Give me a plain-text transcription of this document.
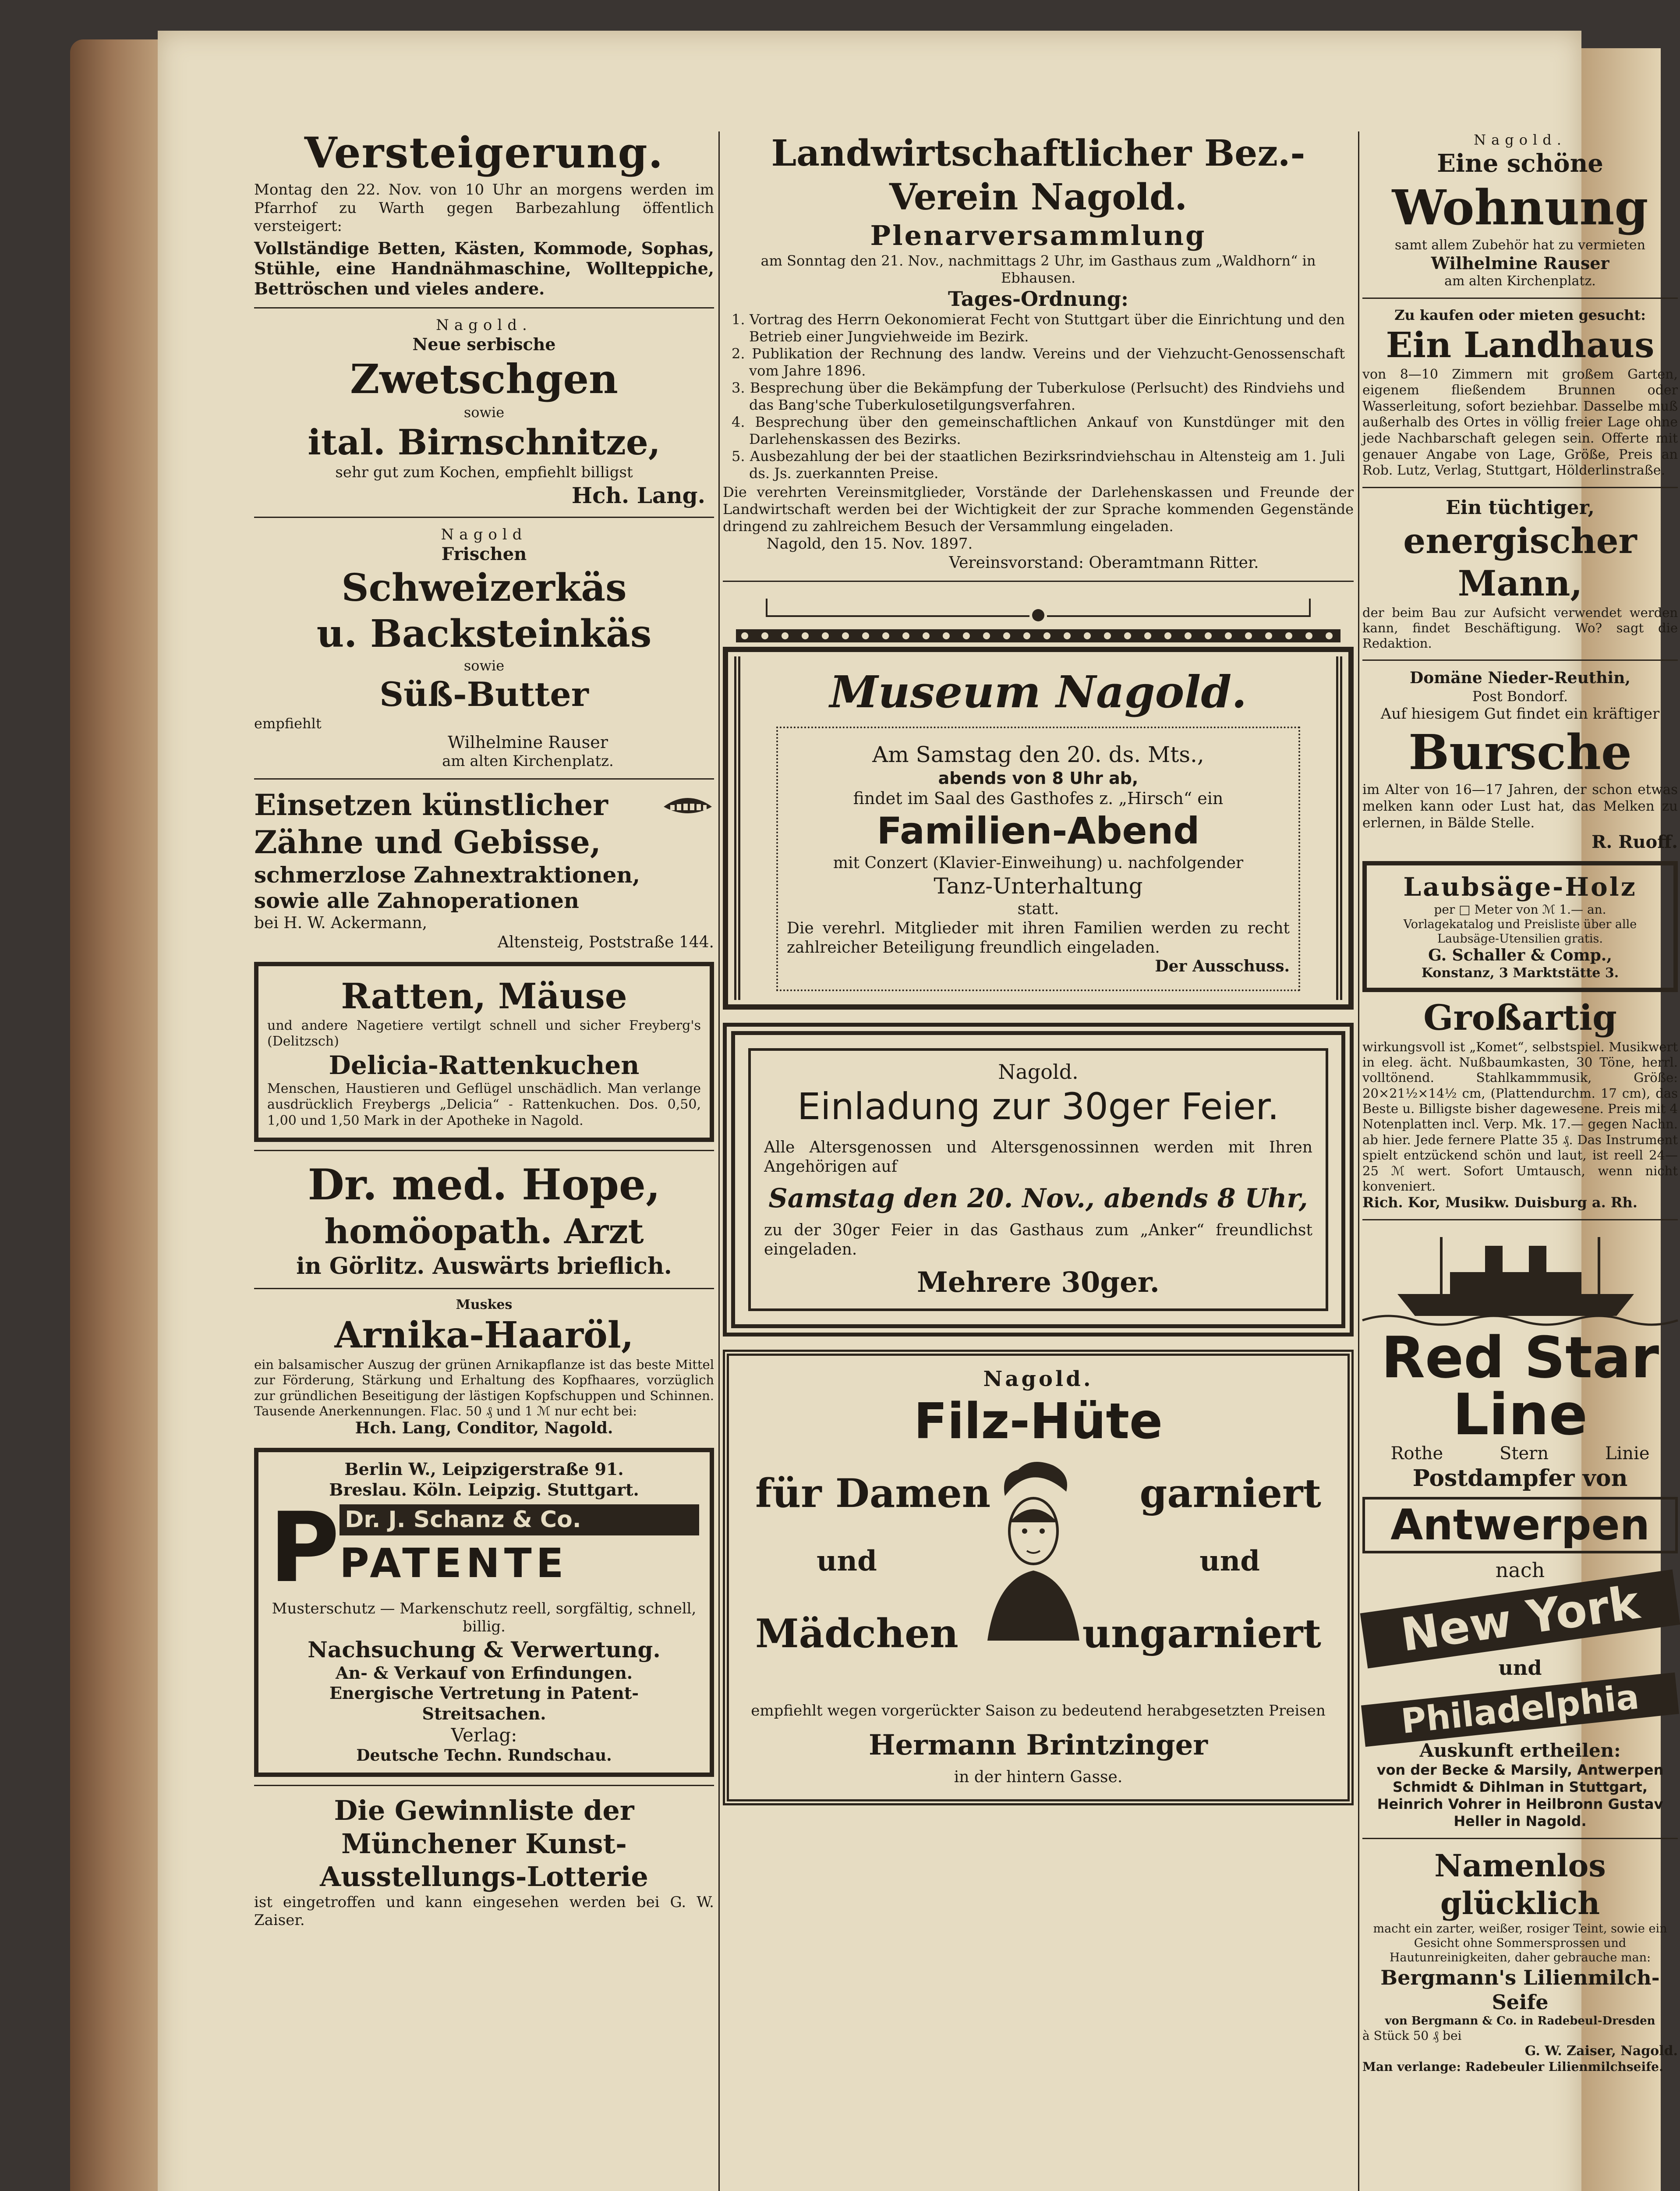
Versteigerung.
Montag den 22. Nov. von 10 Uhr an morgens werden im Pfarrhof zu Warth gegen Barbezahlung öffentlich versteigert:
Vollständige Betten, Kästen, Kommode, Sophas, Stühle, eine Handnähmaschine, Wollteppiche, Bettröschen und vieles andere.
Nagold.
Neue serbische
Zwetschgen
sowie
ital. Birnschnitze,
sehr gut zum Kochen, empfiehlt billigst
Hch. Lang.
Nagold
Frischen
Schweizerkäs
u. Backsteinkäs
sowie
Süß-Butter
empfiehlt
Wilhelmine Rauser
am alten Kirchenplatz.
Einsetzen künstlicher
Zähne und Gebisse,
schmerzlose Zahnextraktionen,
sowie alle Zahnoperationen
bei H. W. Ackermann,
Altensteig, Poststraße 144.
Ratten, Mäuse
und andere Nagetiere vertilgt schnell und sicher Freyberg's (Delitzsch)
Delicia-Rattenkuchen
Menschen, Haustieren und Geflügel unschädlich. Man verlange ausdrücklich Freybergs „Delicia“ - Rattenkuchen. Dos. 0,50, 1,00 und 1,50 Mark in der Apotheke in Nagold.
Dr. med. Hope,
homöopath. Arzt
in Görlitz. Auswärts brieflich.
Muskes
Arnika-Haaröl,
ein balsamischer Auszug der grünen Arnikapflanze ist das beste Mittel zur Förderung, Stärkung und Erhaltung des Kopfhaares, vorzüglich zur gründlichen Beseitigung der lästigen Kopfschuppen und Schinnen. Tausende Anerkennungen. Flac. 50 ₰ und 1 ℳ nur echt bei:
Hch. Lang, Conditor, Nagold.
Berlin W., Leipzigerstraße 91.
Breslau. Köln. Leipzig. Stuttgart.
P Dr. J. Schanz & Co.
PATENTE
Musterschutz — Markenschutz reell, sorgfältig, schnell, billig.
Nachsuchung & Verwertung.
An- & Verkauf von Erfindungen.
Energische Vertretung in Patent-Streitsachen.
Verlag:
Deutsche Techn. Rundschau.
Die Gewinnliste der Münchener Kunst-Ausstellungs-Lotterie
ist eingetroffen und kann eingesehen werden bei G. W. Zaiser.
Landwirtschaftlicher Bez.-Verein Nagold.
Plenarversammlung
am Sonntag den 21. Nov., nachmittags 2 Uhr, im Gasthaus zum „Waldhorn“ in Ebhausen.
Tages-Ordnung:
1. Vortrag des Herrn Oekonomierat Fecht von Stuttgart über die Einrichtung und den Betrieb einer Jungviehweide im Bezirk.
2. Publikation der Rechnung des landw. Vereins und der Viehzucht-Genossenschaft vom Jahre 1896.
3. Besprechung über die Bekämpfung der Tuberkulose (Perlsucht) des Rindviehs und das Bang'sche Tuberkulosetilgungsverfahren.
4. Besprechung über den gemeinschaftlichen Ankauf von Kunstdünger mit den Darlehenskassen des Bezirks.
5. Ausbezahlung der bei der staatlichen Bezirksrindviehschau in Altensteig am 1. Juli ds. Js. zuerkannten Preise.
Die verehrten Vereinsmitglieder, Vorstände der Darlehenskassen und Freunde der Landwirtschaft werden bei der Wichtigkeit der zur Sprache kommenden Gegenstände dringend zu zahlreichem Besuch der Versammlung eingeladen.
Nagold, den 15. Nov. 1897.
Vereinsvorstand: Oberamtmann Ritter.
Museum Nagold.
Am Samstag den 20. ds. Mts.,
abends von 8 Uhr ab,
findet im Saal des Gasthofes z. „Hirsch“ ein
Familien-Abend
mit Conzert (Klavier-Einweihung) u. nachfolgender
Tanz-Unterhaltung
statt.
Die verehrl. Mitglieder mit ihren Familien werden zu recht zahlreicher Beteiligung freundlich eingeladen.
Der Ausschuss.
Nagold.
Einladung zur 30ger Feier.
Alle Altersgenossen und Altersgenossinnen werden mit Ihren Angehörigen auf
Samstag den 20. Nov., abends 8 Uhr,
zu der 30ger Feier in das Gasthaus zum „Anker“ freundlichst eingeladen.
Mehrere 30ger.
Nagold.
Filz-Hüte
für Damen	garniert
und	und
Mädchen	ungarniert
empfiehlt wegen vorgerückter Saison zu bedeutend herabgesetzten Preisen
Hermann Brintzinger
in der hintern Gasse.
Nagold.
Eine schöne
Wohnung
samt allem Zubehör hat zu vermieten
Wilhelmine Rauser
am alten Kirchenplatz.
Zu kaufen oder mieten gesucht:
Ein Landhaus
von 8—10 Zimmern mit großem Garten, eigenem fließendem Brunnen oder Wasserleitung, sofort beziehbar. Dasselbe muß außerhalb des Ortes in völlig freier Lage ohne jede Nachbarschaft gelegen sein. Offerte mit genauer Angabe von Lage, Größe, Preis an Rob. Lutz, Verlag, Stuttgart, Hölderlinstraße.
Ein tüchtiger,
energischer Mann,
der beim Bau zur Aufsicht verwendet werden kann, findet Beschäftigung. Wo? sagt die Redaktion.
Domäne Nieder-Reuthin,
Post Bondorf.
Auf hiesigem Gut findet ein kräftiger
Bursche
im Alter von 16—17 Jahren, der schon etwas melken kann oder Lust hat, das Melken zu erlernen, in Bälde Stelle.
R. Ruoff.
Laubsäge-Holz
per □ Meter von ℳ 1.— an.
Vorlagekatalog und Preisliste über alle Laubsäge-Utensilien gratis.
G. Schaller & Comp.,
Konstanz, 3 Marktstätte 3.
Großartig
wirkungsvoll ist „Komet“, selbstspiel. Musikwert in eleg. ächt. Nußbaumkasten, 30 Töne, herrl. volltönend. Stahlkammmusik, Größe: 20×21½×14½ cm, (Plattendurchm. 17 cm), das Beste u. Billigste bisher dagewesene. Preis mit 4 Notenplatten incl. Verp. Mk. 17.— gegen Nachn. ab hier. Jede fernere Platte 35 ₰. Das Instrument spielt entzückend schön und laut, ist reell 24—25 ℳ wert. Sofort Umtausch, wenn nicht konveniert.
Rich. Kor, Musikw. Duisburg a. Rh.
Red Star Line
Rothe	Stern	Linie
Postdampfer von
Antwerpen
nach
New York
und
Philadelphia
Auskunft ertheilen:
von der Becke & Marsily, Antwerpen Schmidt & Dihlman in Stuttgart, Heinrich Vohrer in Heilbronn Gustav Heller in Nagold.
Namenlos glücklich
macht ein zarter, weißer, rosiger Teint, sowie ein Gesicht ohne Sommersprossen und Hautunreinigkeiten, daher gebrauche man:
Bergmann's Lilienmilch-Seife
von Bergmann & Co. in Radebeul-Dresden
à Stück 50 ₰ bei
G. W. Zaiser, Nagold.
Man verlange: Radebeuler Lilienmilchseife.
